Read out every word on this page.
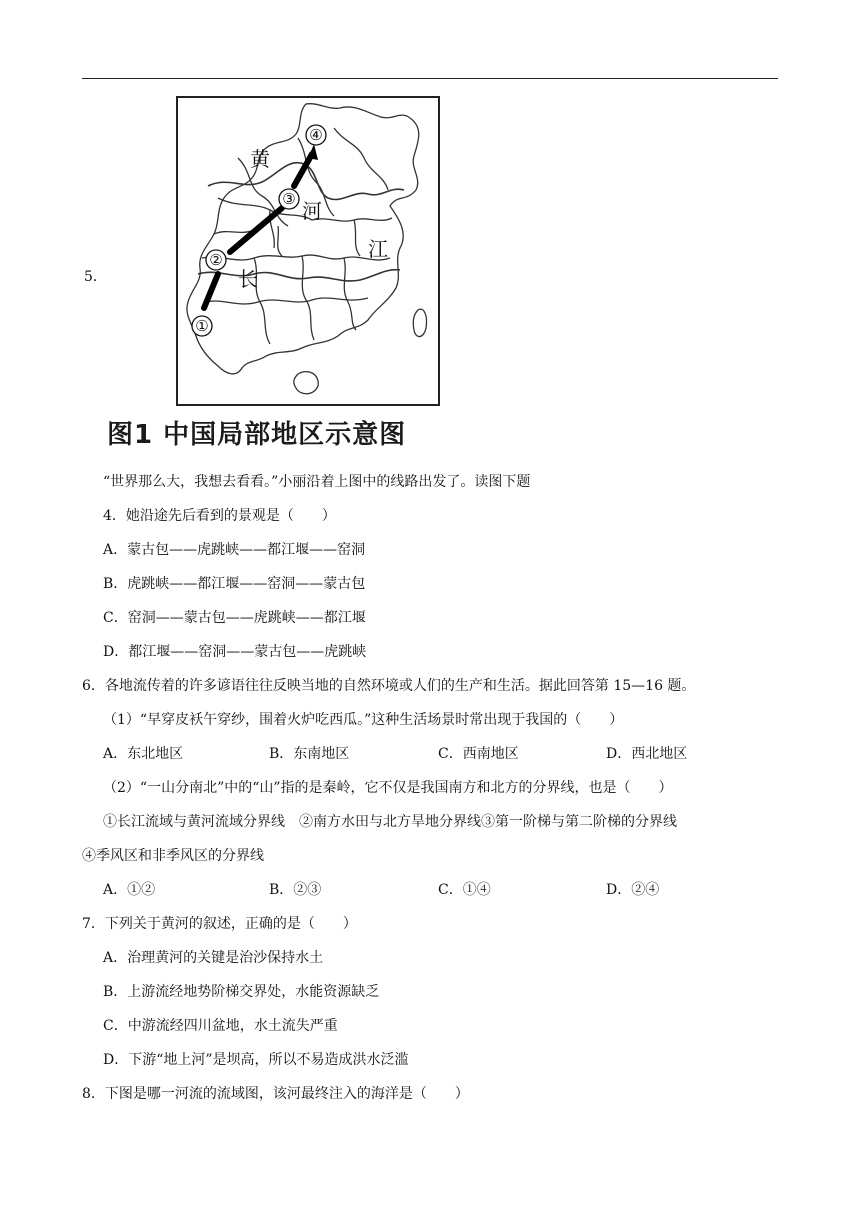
5．
①
②
③
④
黄
河
长
江
图1 中国局部地区示意图
“世界那么大，我想去看看。”小丽沿着上图中的线路出发了。读图下题
4．她沿途先后看到的景观是（　　）
A．蒙古包——虎跳峡——都江堰——窑洞
B．虎跳峡——都江堰——窑洞——蒙古包
C．窑洞——蒙古包——虎跳峡——都江堰
D．都江堰——窑洞——蒙古包——虎跳峡
6．各地流传着的许多谚语往往反映当地的自然环境或人们的生产和生活。据此回答第 15—16 题。
（1）“早穿皮袄午穿纱，围着火炉吃西瓜。”这种生活场景时常出现于我国的（　　）
A．东北地区	B．东南地区	C．西南地区	D．西北地区
（2）“一山分南北”中的“山”指的是秦岭，它不仅是我国南方和北方的分界线，也是（　　）
①长江流域与黄河流域分界线　②南方水田与北方旱地分界线③第一阶梯与第二阶梯的分界线
④季风区和非季风区的分界线
A．①②	B．②③	C．①④	D．②④
7．下列关于黄河的叙述，正确的是（　　）
A．治理黄河的关键是治沙保持水土
B．上游流经地势阶梯交界处，水能资源缺乏
C．中游流经四川盆地，水土流失严重
D．下游“地上河”是坝高，所以不易造成洪水泛滥
8．下图是哪一河流的流域图，该河最终注入的海洋是（　　）
